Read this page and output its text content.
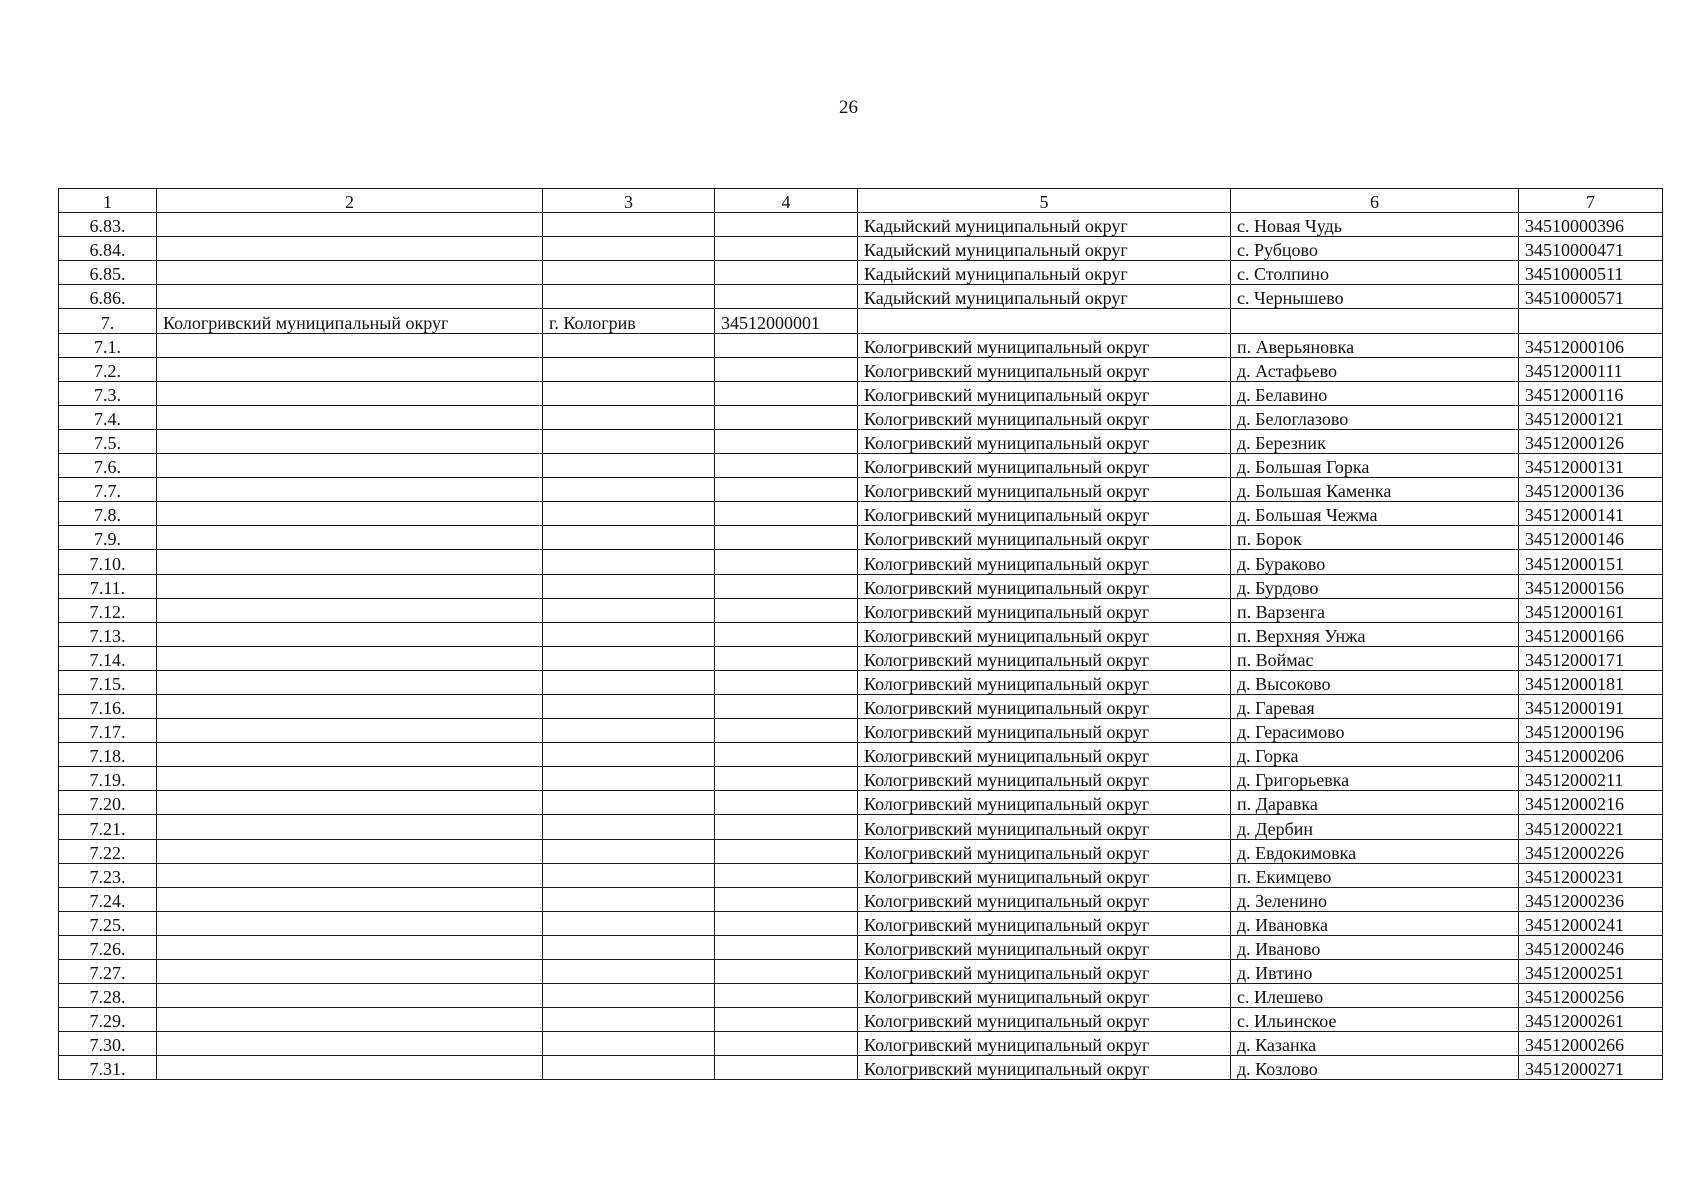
26
1	2	3	4	5	6	7
6.83.				Кадыйский муниципальный округ	с. Новая Чудь	34510000396
6.84.				Кадыйский муниципальный округ	с. Рубцово	34510000471
6.85.				Кадыйский муниципальный округ	с. Столпино	34510000511
6.86.				Кадыйский муниципальный округ	с. Чернышево	34510000571
7.	Кологривский муниципальный округ	г. Кологрив	34512000001			
7.1.				Кологривский муниципальный округ	п. Аверьяновка	34512000106
7.2.				Кологривский муниципальный округ	д. Астафьево	34512000111
7.3.				Кологривский муниципальный округ	д. Белавино	34512000116
7.4.				Кологривский муниципальный округ	д. Белоглазово	34512000121
7.5.				Кологривский муниципальный округ	д. Березник	34512000126
7.6.				Кологривский муниципальный округ	д. Большая Горка	34512000131
7.7.				Кологривский муниципальный округ	д. Большая Каменка	34512000136
7.8.				Кологривский муниципальный округ	д. Большая Чежма	34512000141
7.9.				Кологривский муниципальный округ	п. Борок	34512000146
7.10.				Кологривский муниципальный округ	д. Бураково	34512000151
7.11.				Кологривский муниципальный округ	д. Бурдово	34512000156
7.12.				Кологривский муниципальный округ	п. Варзенга	34512000161
7.13.				Кологривский муниципальный округ	п. Верхняя Унжа	34512000166
7.14.				Кологривский муниципальный округ	п. Воймас	34512000171
7.15.				Кологривский муниципальный округ	д. Высоково	34512000181
7.16.				Кологривский муниципальный округ	д. Гаревая	34512000191
7.17.				Кологривский муниципальный округ	д. Герасимово	34512000196
7.18.				Кологривский муниципальный округ	д. Горка	34512000206
7.19.				Кологривский муниципальный округ	д. Григорьевка	34512000211
7.20.				Кологривский муниципальный округ	п. Даравка	34512000216
7.21.				Кологривский муниципальный округ	д. Дербин	34512000221
7.22.				Кологривский муниципальный округ	д. Евдокимовка	34512000226
7.23.				Кологривский муниципальный округ	п. Екимцево	34512000231
7.24.				Кологривский муниципальный округ	д. Зеленино	34512000236
7.25.				Кологривский муниципальный округ	д. Ивановка	34512000241
7.26.				Кологривский муниципальный округ	д. Иваново	34512000246
7.27.				Кологривский муниципальный округ	д. Ивтино	34512000251
7.28.				Кологривский муниципальный округ	с. Илешево	34512000256
7.29.				Кологривский муниципальный округ	с. Ильинское	34512000261
7.30.				Кологривский муниципальный округ	д. Казанка	34512000266
7.31.				Кологривский муниципальный округ	д. Козлово	34512000271
